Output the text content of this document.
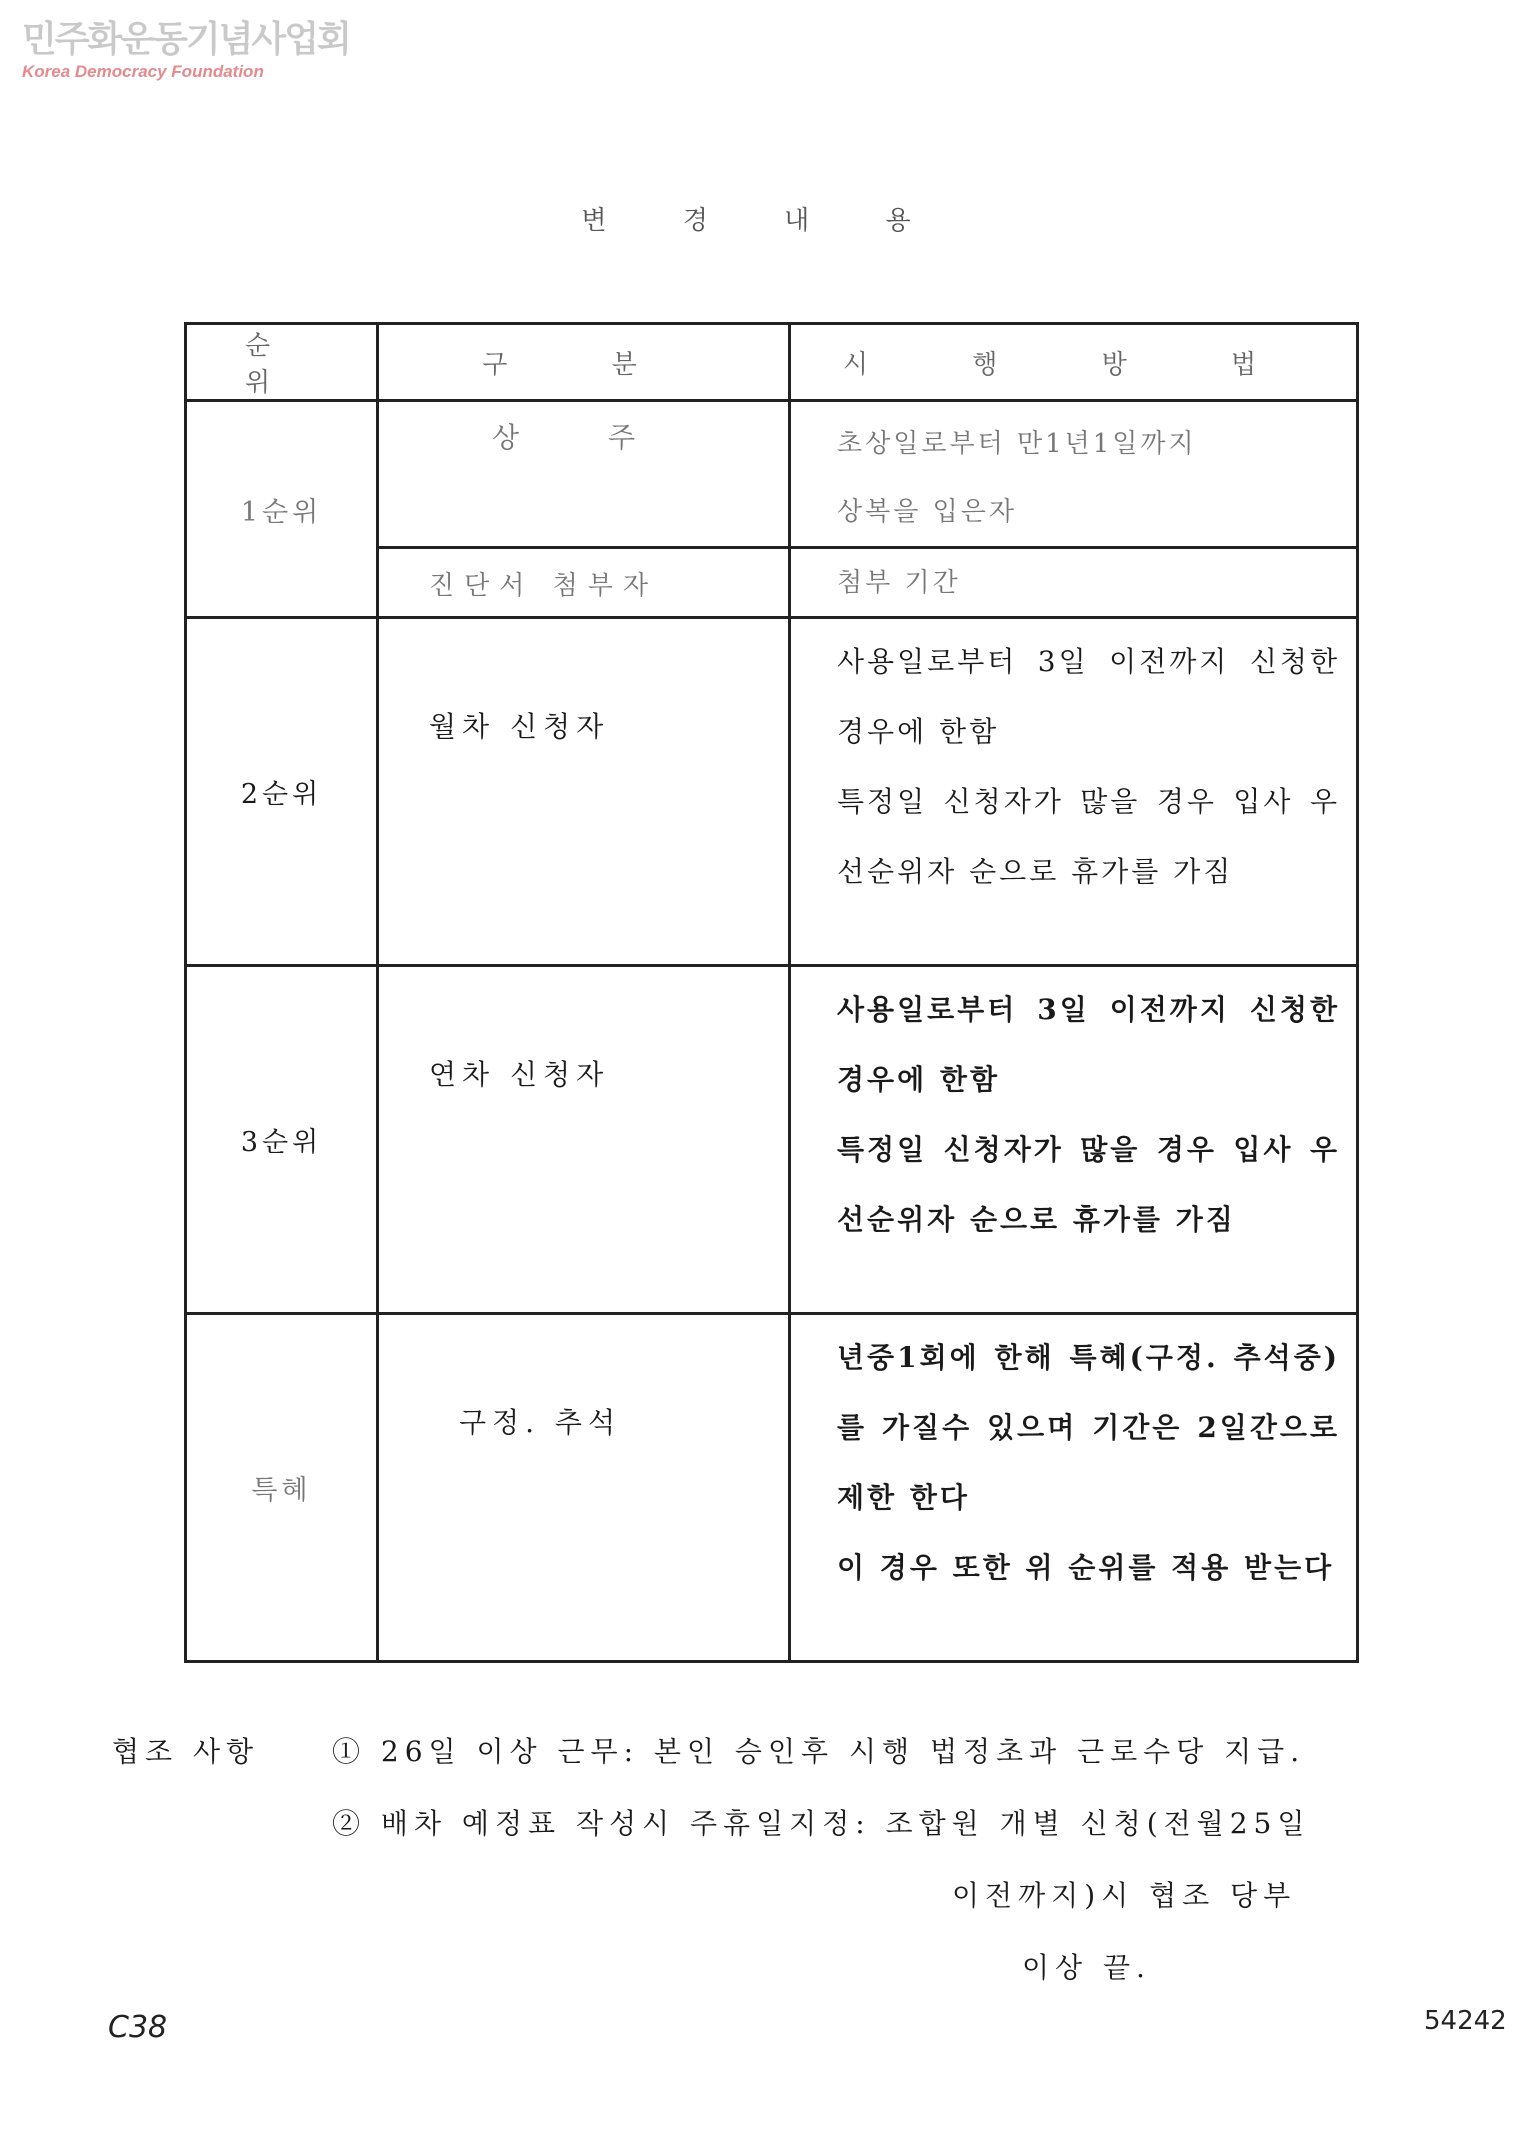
민주화운동기념사업회
Korea Democracy Foundation
변 경 내 용
순 위	구 분	시 행 방 법
1순위	상 주	초상일로부터 만1년1일까지

상복을 입은자

	진단서 첨부자	첨부 기간

2순위	월차 신청자	사용일로부터 3일 이전까지 신청한 경우에 한함

특정일 신청자가 많을 경우 입사 우선순위자 순으로 휴가를 가짐

3순위	연차 신청자	사용일로부터 3일 이전까지 신청한 경우에 한함

특정일 신청자가 많을 경우 입사 우선순위자 순으로 휴가를 가짐

특혜	구정. 추석	년중1회에 한해 특혜(구정. 추석중)를 가질수 있으며 기간은 2일간으로 제한 한다

이 경우 또한 위 순위를 적용 받는다

협조 사항	① 26일 이상 근무: 본인 승인후 시행 법정초과 근로수당 지급.
② 배차 예정표 작성시 주휴일지정: 조합원 개별 신청(전월25일
이전까지)시 협조 당부
이상 끝.
C38	54242
